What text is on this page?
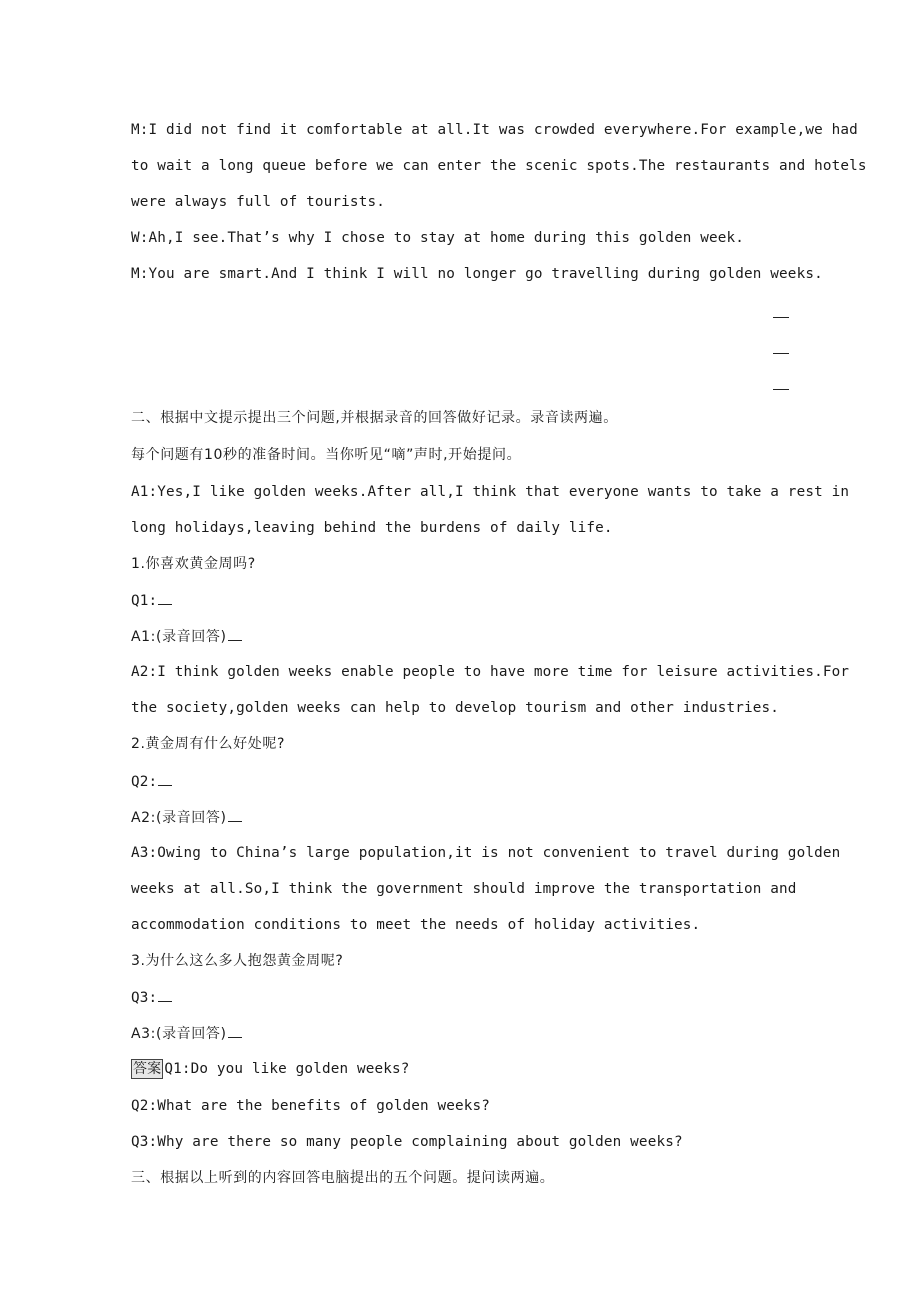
M:I did not find it comfortable at all.It was crowded everywhere.For example,we had
to wait a long queue before we can enter the scenic spots.The restaurants and hotels
were always full of tourists.
W:Ah,I see.That’s why I chose to stay at home during this golden week.
M:You are smart.And I think I will no longer go travelling during golden weeks.
二、根据中文提示提出三个问题,并根据录音的回答做好记录。录音读两遍。
每个问题有10秒的准备时间。当你听见“嘀”声时,开始提问。
A1:Yes,I like golden weeks.After all,I think that everyone wants to take a rest in
long holidays,leaving behind the burdens of daily life.
1.你喜欢黄金周吗?
Q1:
A1:(录音回答)
A2:I think golden weeks enable people to have more time for leisure activities.For
the society,golden weeks can help to develop tourism and other industries.
2.黄金周有什么好处呢?
Q2:
A2:(录音回答)
A3:Owing to China’s large population,it is not convenient to travel during golden
weeks at all.So,I think the government should improve the transportation and
accommodation conditions to meet the needs of holiday activities.
3.为什么这么多人抱怨黄金周呢?
Q3:
A3:(录音回答)
答案 Q1:Do you like golden weeks?
Q2:What are the benefits of golden weeks?
Q3:Why are there so many people complaining about golden weeks?
三、根据以上听到的内容回答电脑提出的五个问题。提问读两遍。
